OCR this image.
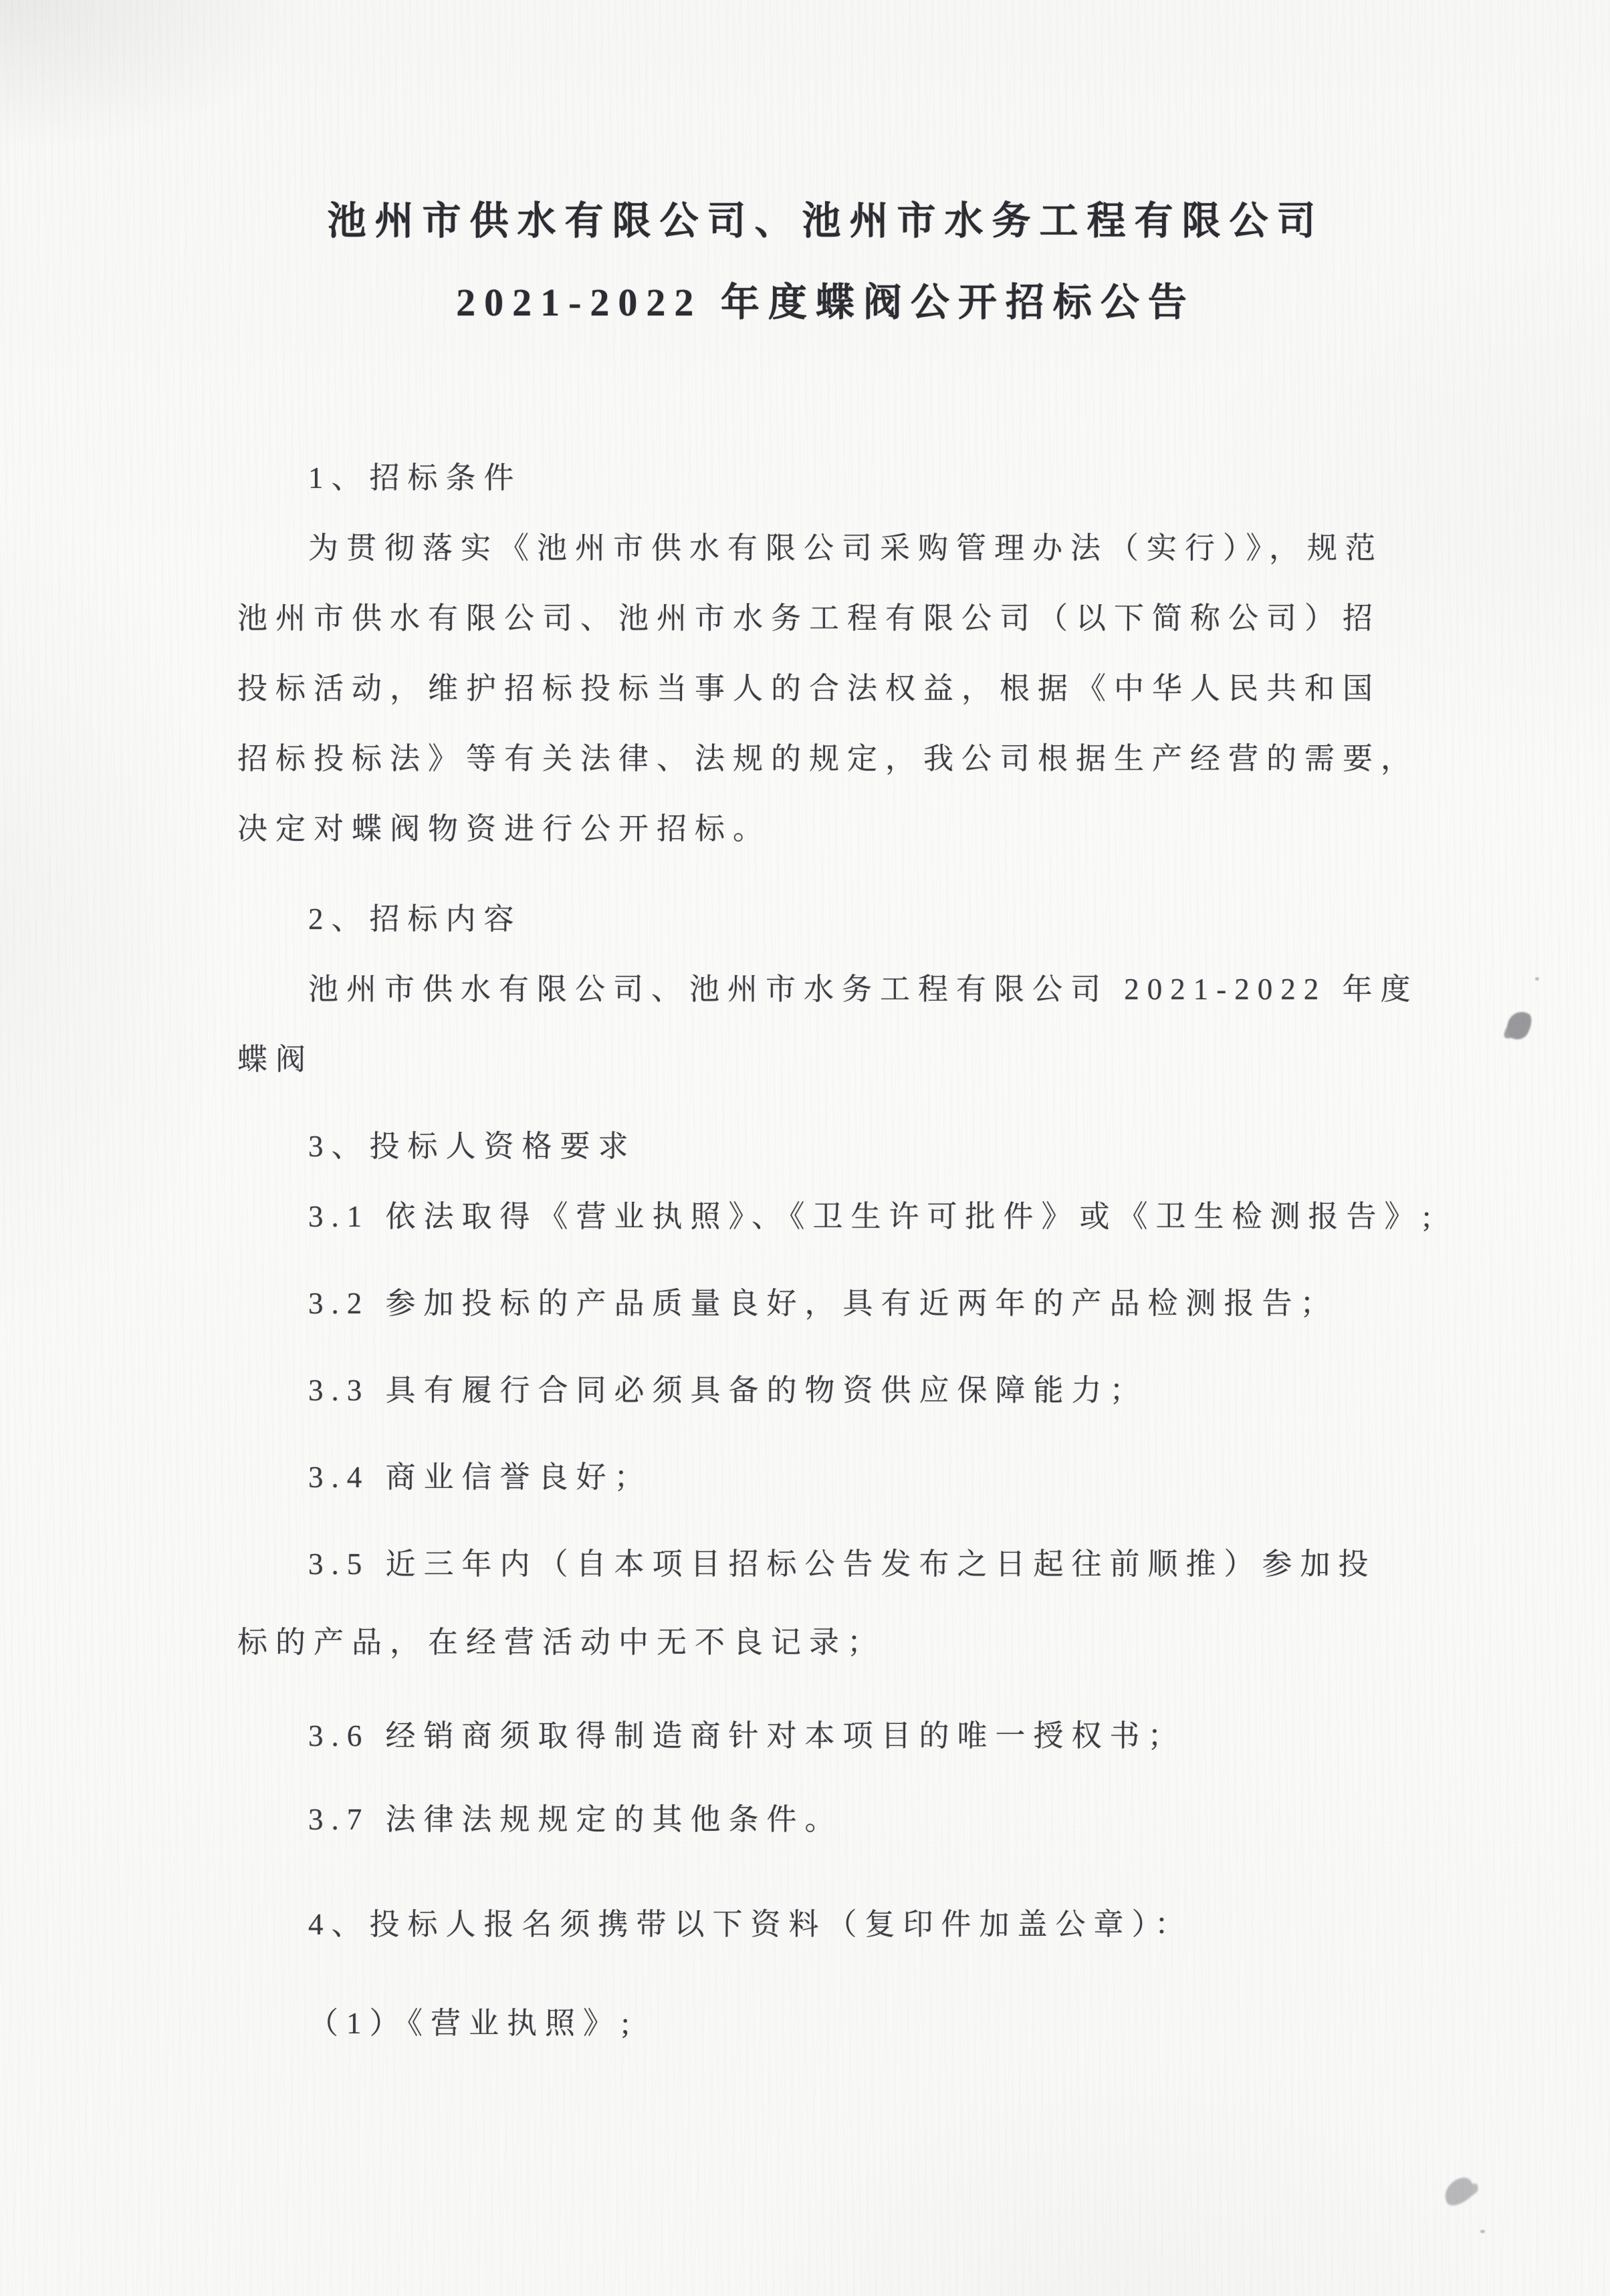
池州市供水有限公司、池州市水务工程有限公司
2021-2022 年度蝶阀公开招标公告
1、招标条件
为贯彻落实《池州市供水有限公司采购管理办法（实行）》，规范
池州市供水有限公司、池州市水务工程有限公司（以下简称公司）招
投标活动，维护招标投标当事人的合法权益，根据《中华人民共和国
招标投标法》等有关法律、法规的规定，我公司根据生产经营的需要，
决定对蝶阀物资进行公开招标。
2、招标内容
池州市供水有限公司、池州市水务工程有限公司 2021-2022 年度
蝶阀
3、投标人资格要求
3.1 依法取得《营业执照》、《卫生许可批件》或《卫生检测报告》;
3.2 参加投标的产品质量良好，具有近两年的产品检测报告；
3.3 具有履行合同必须具备的物资供应保障能力；
3.4 商业信誉良好；
3.5 近三年内（自本项目招标公告发布之日起往前顺推）参加投
标的产品，在经营活动中无不良记录；
3.6 经销商须取得制造商针对本项目的唯一授权书；
3.7 法律法规规定的其他条件。
4、投标人报名须携带以下资料（复印件加盖公章）：
（1）《营业执照》;
